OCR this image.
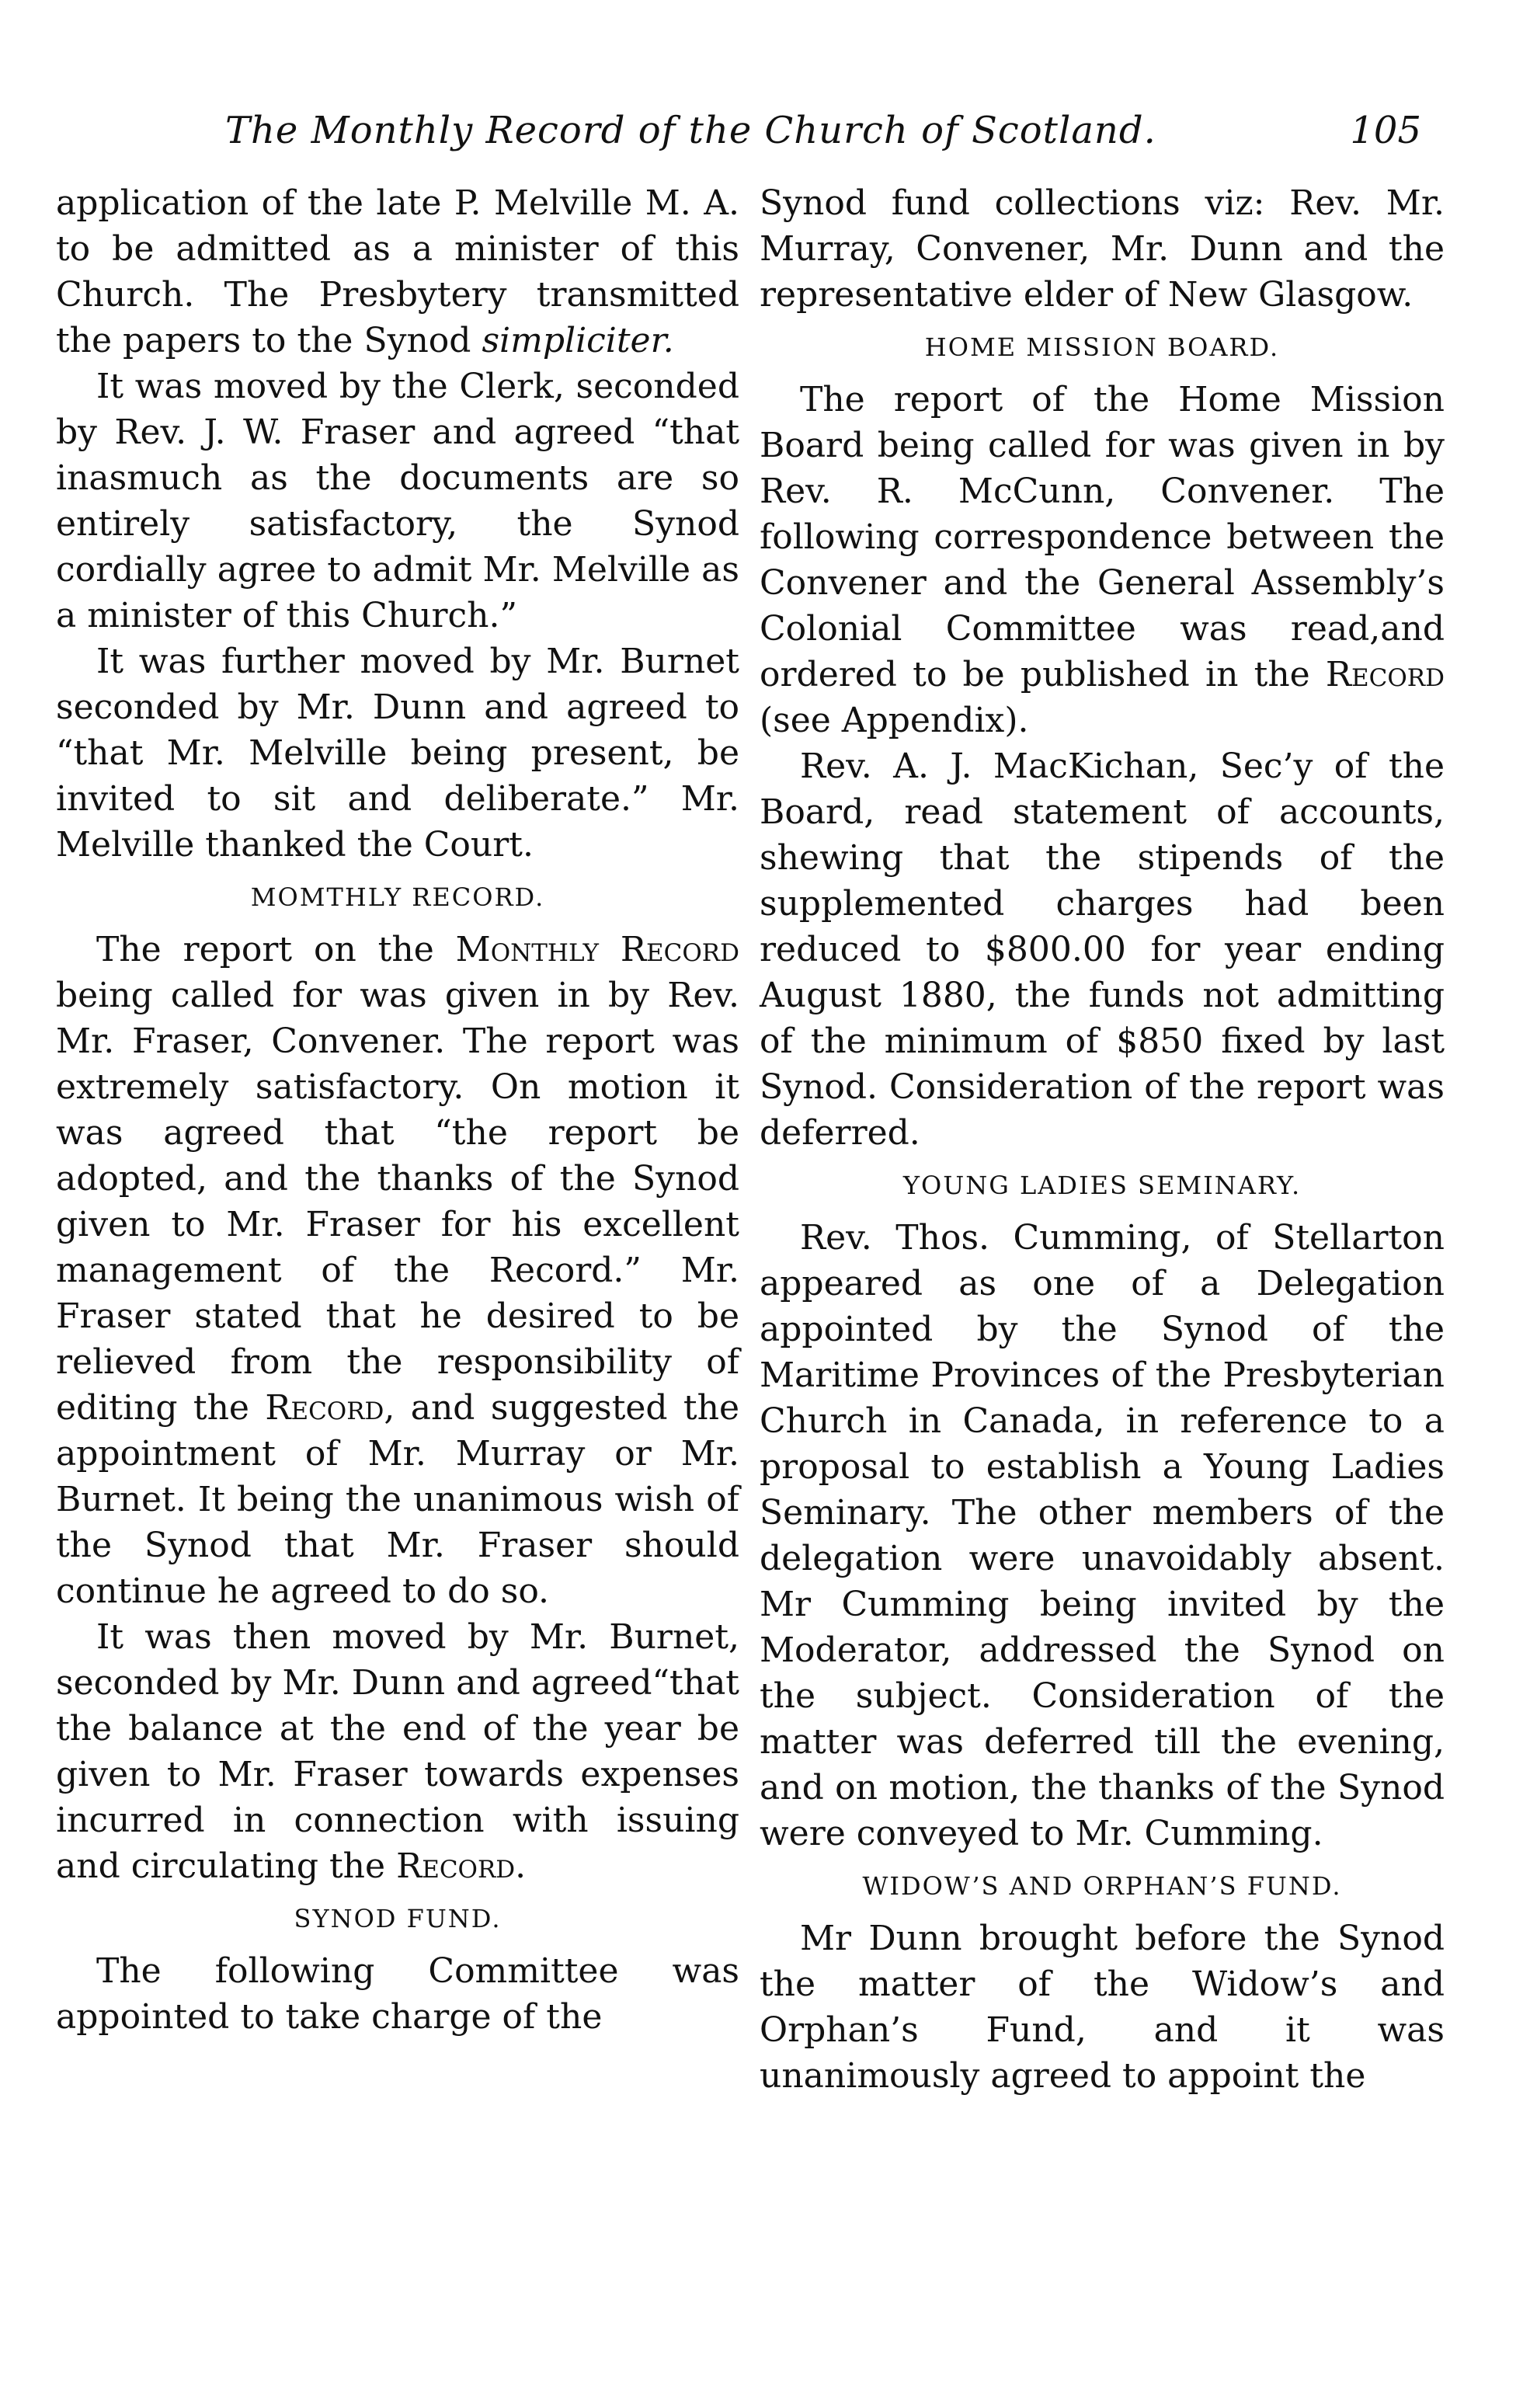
The Monthly Record of the Church of Scotland.	105

application of the late P. Melville M. A. to be admitted as a minister of this Church. The Presbytery transmitted the papers to the Synod simpliciter.

It was moved by the Clerk, seconded by Rev. J. W. Fraser and agreed “that inasmuch as the documents are so entirely satisfactory, the Synod cordially agree to admit Mr. Melville as a minister of this Church.”

It was further moved by Mr. Burnet seconded by Mr. Dunn and agreed to “that Mr. Melville being present, be invited to sit and deliberate.” Mr. Melville thanked the Court.

MOMTHLY RECORD.

The report on the Monthly Record being called for was given in by Rev. Mr. Fraser, Convener. The report was extremely satisfactory. On motion it was agreed that “the report be adopted, and the thanks of the Synod given to Mr. Fraser for his excellent management of the Record.” Mr. Fraser stated that he desired to be relieved from the responsibility of editing the Record, and suggested the appointment of Mr. Murray or Mr. Burnet. It being the unanimous wish of the Synod that Mr. Fraser should continue he agreed to do so.

It was then moved by Mr. Burnet, seconded by Mr. Dunn and agreed“that the balance at the end of the year be given to Mr. Fraser towards expenses incurred in connection with issuing and circulating the Record.

SYNOD FUND.

The following Committee was appointed to take charge of the

Synod fund collections viz: Rev. Mr. Murray, Convener, Mr. Dunn and the representative elder of New Glasgow.

HOME MISSION BOARD.

The report of the Home Mission Board being called for was given in by Rev. R. McCunn, Convener. The following correspondence between the Convener and the General Assembly’s Colonial Committee was read,and ordered to be published in the Record (see Appendix).

Rev. A. J. MacKichan, Sec’y of the Board, read statement of accounts, shewing that the stipends of the supplemented charges had been reduced to $800.00 for year ending August 1880, the funds not admitting of the minimum of $850 fixed by last Synod. Consideration of the report was deferred.

YOUNG LADIES SEMINARY.

Rev. Thos. Cumming, of Stellarton appeared as one of a Delegation appointed by the Synod of the Maritime Provinces of the Presbyterian Church in Canada, in reference to a proposal to establish a Young Ladies Seminary. The other members of the delegation were unavoidably absent. Mr Cumming being invited by the Moderator, addressed the Synod on the subject. Consideration of the matter was deferred till the evening, and on motion, the thanks of the Synod were conveyed to Mr. Cumming.

WIDOW’S AND ORPHAN’S FUND.

Mr Dunn brought before the Synod the matter of the Widow’s and Orphan’s Fund, and it was unanimously agreed to appoint the
